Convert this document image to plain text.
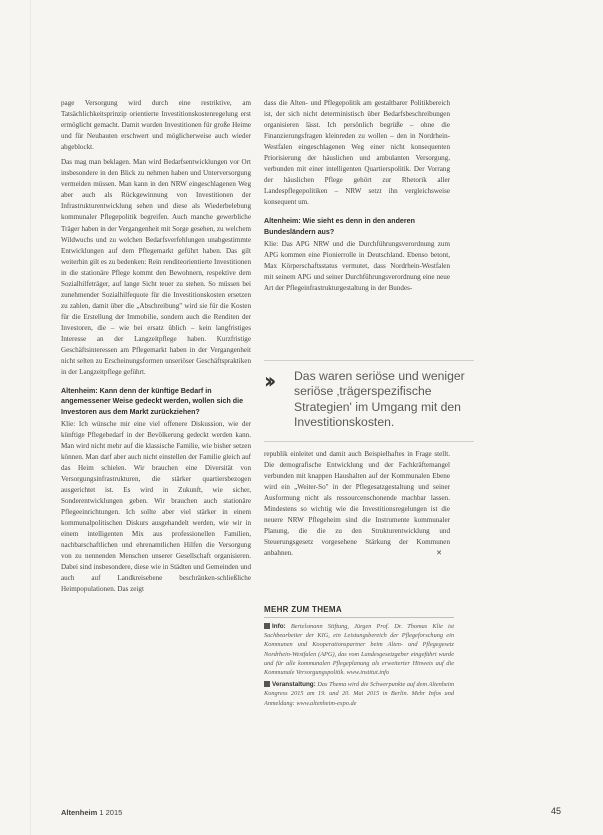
page Versorgung wird durch eine restriktive, am Tatsächlichkeitsprinzip orientierte Investitionskostenregelung erst ermöglicht gemacht. Damit wurden Investitionen für große Heime und für Neubauten erschwert und möglicherweise auch wieder abgeblockt.

Das mag man beklagen. Man wird Bedarfsentwicklungen vor Ort insbesondere in den Blick zu nehmen haben und Unterversorgung vermeiden müssen. Man kann in den NRW eingeschlagenen Weg aber auch als Rückgewinnung von Investitionen der Infrastrukturentwicklung sehen und diese als Wiederbelebung kommunaler Pflegepolitik begreifen. Auch manche gewerbliche Träger haben in der Vergangenheit mit Sorge gesehen, zu welchem Wildwuchs und zu welchen Bedarfsverfehlungen unabgestimmte Entwicklungen auf dem Pflegemarkt geführt haben. Das gilt weiterhin gilt es zu bedenken: Rein renditeorientierte Investitionen in die stationäre Pflege kommt den Bewohnern, respektive dem Sozialhilfeträger, auf lange Sicht teuer zu stehen. So müssen bei zunehmender Sozialhilfequote für die Investitionskosten ersetzen zu zahlen, damit über die „Abschreibung" wird sie für die Kosten für die Erstellung der Immobilie, sondern auch die Renditen der Investoren, die – wie bei ersatz üblich – kein langfristiges Interesse an der Langzeitpflege haben. Kurzfristige Geschäftsinteressen am Pflegemarkt haben in der Vergangenheit nicht selten zu Erscheinungsformen unseriöser Geschäftspraktiken in der Langzeitpflege geführt.

Altenheim: Kann denn der künftige Bedarf in angemessener Weise gedeckt werden, wollen sich die Investoren aus dem Markt zurückziehen?

Klie: Ich wünsche mir eine viel offenere Diskussion, wie der künftige Pflegebedarf in der Bevölkerung gedeckt werden kann. Man wird nicht mehr auf die klassische Familie, wie bisher setzen können. Man darf aber auch nicht einstellen der Familie gleich auf das Heim schielen. Wir brauchen eine Diversität von Versorgungsinfrastrukturen, die stärker quartiersbezogen ausgerichtet ist. Es wird in Zukunft, wie sicher, Sonderentwicklungen geben. Wir brauchen auch stationäre Pflegeeinrichtungen. Ich sollte aber viel stärker in einem kommunalpolitischen Diskurs ausgehandelt werden, wie wir in einem intelligenten Mix aus professionellen Familien, nachbarschaftlichen und ehrenamtlichen Hilfen die Versorgung von zu nennenden Menschen unserer Gesellschaft organisieren. Dabei sind insbesondere, diese wie in Städten und Gemeinden und auch auf Landkreisebene beschränken-schließliche Heimpopulationen. Das zeigt

dass die Alten- und Pflegepolitik am gestaltbarer Politikbereich ist, der sich nicht deterministisch über Bedarfsbeschreibungen organisieren lässt. Ich persönlich begrüße – ohne die Finanzierungsfragen kleinreden zu wollen – den in Nordrhein-Westfalen eingeschlagenen Weg einer nicht konsequenten Priorisierung der häuslichen und ambulanten Versorgung, verbunden mit einer intelligenten Quartierspolitik. Der Vorrang der häuslichen Pflege gehört zur Rhetorik aller Landespflegepolitiken – NRW setzt ihn vergleichsweise konsequent um.

Altenheim: Wie sieht es denn in den anderen Bundesländern aus?

Klie: Das APG NRW und die Durchführungsverordnung zum APG kommen eine Pionierrolle in Deutschland. Ebenso betont, Max Körperschaftsstatus vermutet, dass Nordrhein-Westfalen mit seinem APG und seiner Durchführungsverordnung eine neue Art der Pflegeinfrastrukturgestaltung in der Bundes-

››	Das waren seriöse und weniger seriöse ‚trägerspezifische Strategien' im Umgang mit den Investitionskosten.

republik einleitet und damit auch Beispielhaftes in Frage stellt. Die demografische Entwicklung und der Fachkräftemangel verbunden mit knappen Haushalten auf der Kommunalen Ebene wird ein „Weiter-So" in der Pflegesatzgestaltung und seiner Ausformung nicht als ressourcenschonende machbar lassen. Mindestens so wichtig wie die Investitionsregelungen ist die neuere NRW Pflegeheim sind die Instrumente kommunaler Planung, die die zu den Strukturentwicklung und Steuerungsgesetz vorgesehene Stärkung der Kommunen anbahnen.	✕

MEHR ZUM THEMA

Info: Bertelsmann Stiftung, Jürgen Prof. Dr. Thomas Klie ist Sachbearbeiter der KIG, ein Leistungsbereich der Pflegeforschung ein Kommunen und Kooperationspartner beim Alten- und Pflegegesetz Nordrhein-Westfalen (APG), das vom Landesgesetzgeber eingeführt wurde und für alle kommunalen Pflegeplanung als erweiterter Hinweis auf die Kommunale Versorgungspolitik. www.institut.info

Veranstaltung: Das Thema wird die Schwerpunkte auf dem Altenheim Kongress 2015 am 19. und 20. Mai 2015 in Berlin. Mehr Infos und Anmeldung: www.altenheim-expo.de

Altenheim 1 2015	45
